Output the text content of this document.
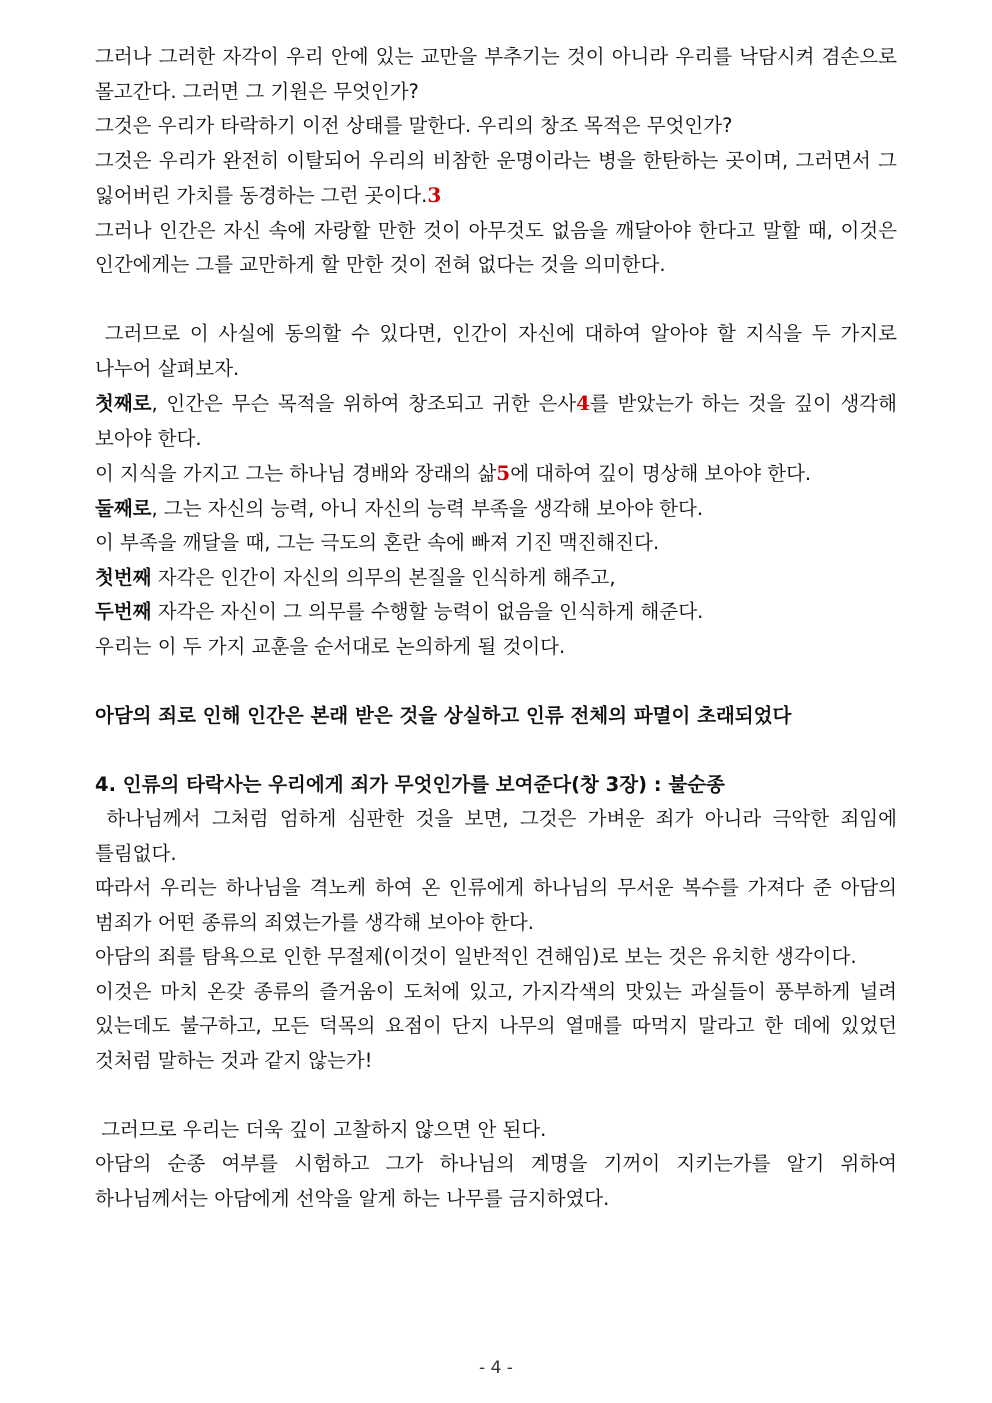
그러나 그러한 자각이 우리 안에 있는 교만을 부추기는 것이 아니라 우리를 낙담시켜 겸손으로 몰고간다. 그러면 그 기원은 무엇인가?

그것은 우리가 타락하기 이전 상태를 말한다. 우리의 창조 목적은 무엇인가?

그것은 우리가 완전히 이탈되어 우리의 비참한 운명이라는 병을 한탄하는 곳이며, 그러면서 그 잃어버린 가치를 동경하는 그런 곳이다.3

그러나 인간은 자신 속에 자랑할 만한 것이 아무것도 없음을 깨달아야 한다고 말할 때, 이것은 인간에게는 그를 교만하게 할 만한 것이 전혀 없다는 것을 의미한다.

그러므로 이 사실에 동의할 수 있다면, 인간이 자신에 대하여 알아야 할 지식을 두 가지로 나누어 살펴보자.

첫째로, 인간은 무슨 목적을 위하여 창조되고 귀한 은사4를 받았는가 하는 것을 깊이 생각해 보아야 한다.

이 지식을 가지고 그는 하나님 경배와 장래의 삶5에 대하여 깊이 명상해 보아야 한다.

둘째로, 그는 자신의 능력, 아니 자신의 능력 부족을 생각해 보아야 한다.

이 부족을 깨달을 때, 그는 극도의 혼란 속에 빠져 기진 맥진해진다.

첫번째 자각은 인간이 자신의 의무의 본질을 인식하게 해주고,

두번째 자각은 자신이 그 의무를 수행할 능력이 없음을 인식하게 해준다.

우리는 이 두 가지 교훈을 순서대로 논의하게 될 것이다.

아담의 죄로 인해 인간은 본래 받은 것을 상실하고 인류 전체의 파멸이 초래되었다

4. 인류의 타락사는 우리에게 죄가 무엇인가를 보여준다(창 3장) : 불순종

하나님께서 그처럼 엄하게 심판한 것을 보면, 그것은 가벼운 죄가 아니라 극악한 죄임에 틀림없다.

따라서 우리는 하나님을 격노케 하여 온 인류에게 하나님의 무서운 복수를 가져다 준 아담의 범죄가 어떤 종류의 죄였는가를 생각해 보아야 한다.

아담의 죄를 탐욕으로 인한 무절제(이것이 일반적인 견해임)로 보는 것은 유치한 생각이다.

이것은 마치 온갖 종류의 즐거움이 도처에 있고, 가지각색의 맛있는 과실들이 풍부하게 널려 있는데도 불구하고, 모든 덕목의 요점이 단지 나무의 열매를 따먹지 말라고 한 데에 있었던 것처럼 말하는 것과 같지 않는가!

그러므로 우리는 더욱 깊이 고찰하지 않으면 안 된다.

아담의 순종 여부를 시험하고 그가 하나님의 계명을 기꺼이 지키는가를 알기 위하여 하나님께서는 아담에게 선악을 알게 하는 나무를 금지하였다.

- 4 -
